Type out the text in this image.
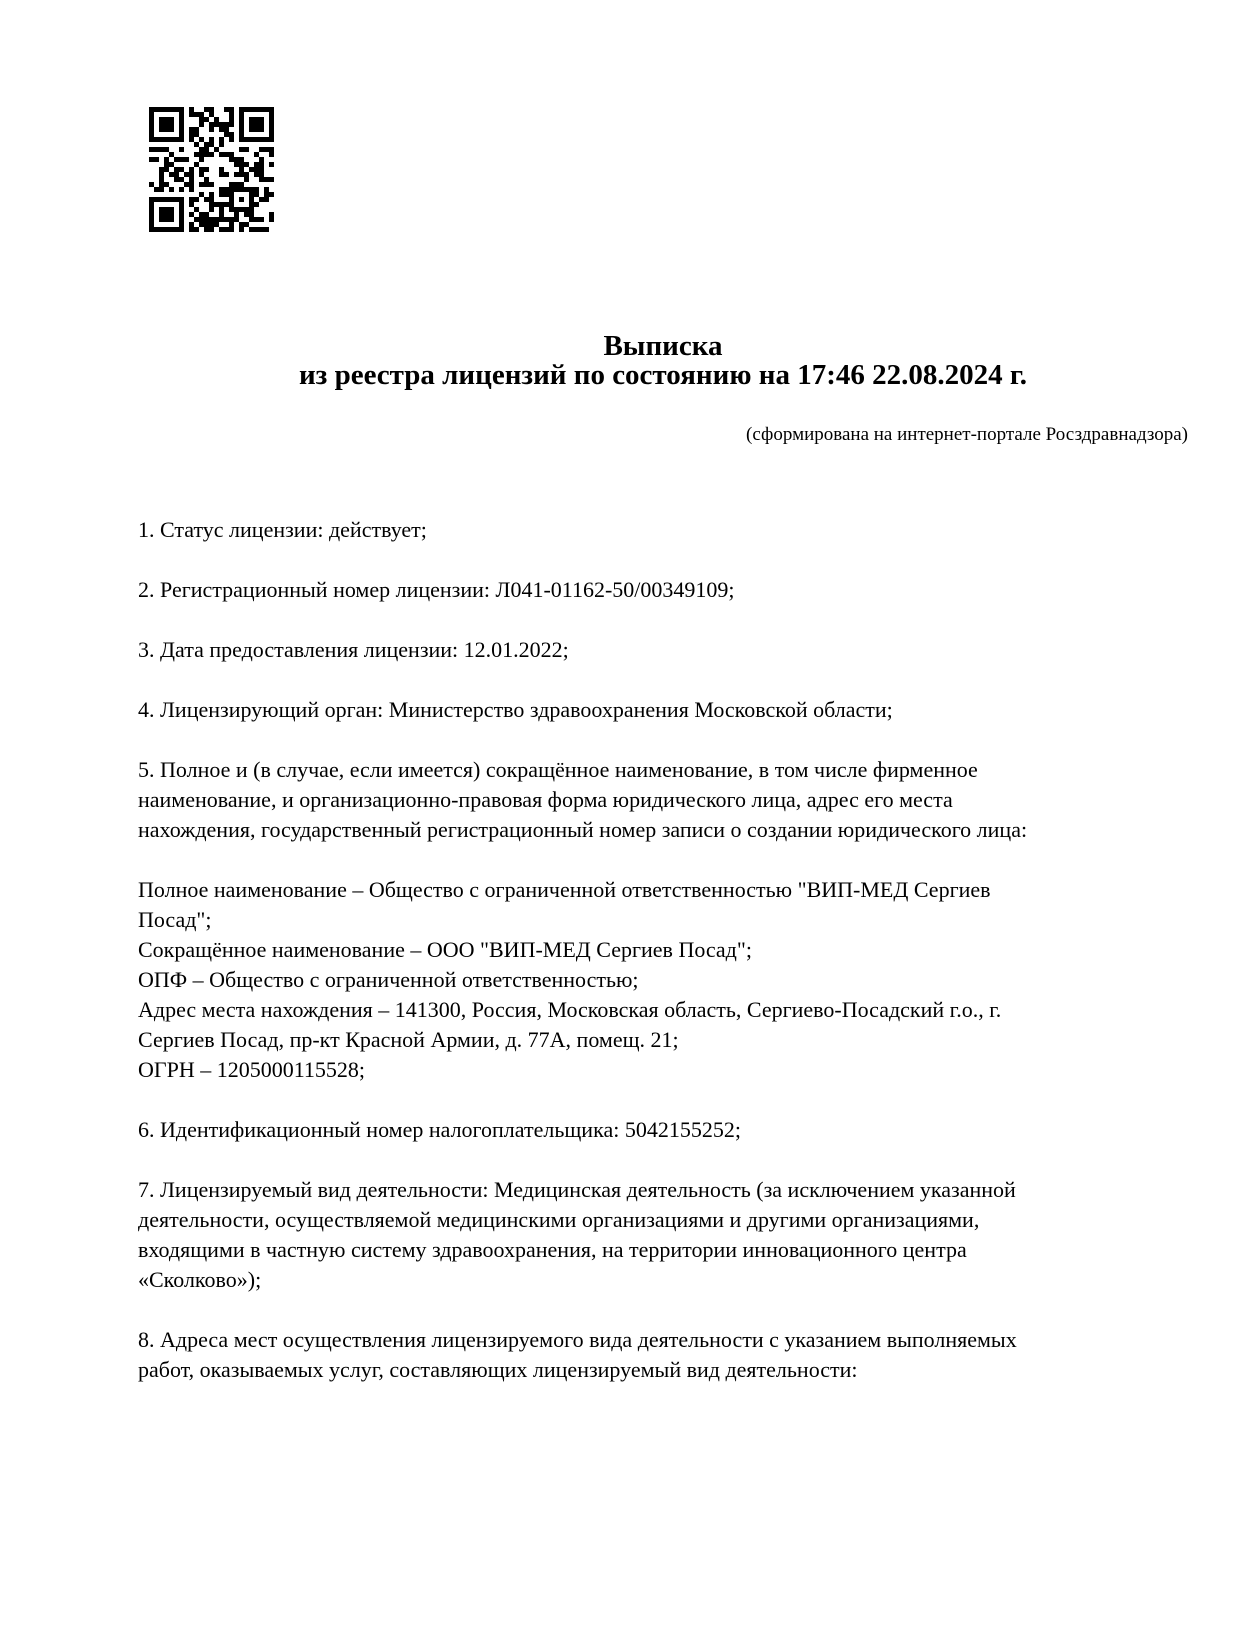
Выписка
из реестра лицензий по состоянию на 17:46 22.08.2024 г.
(сформирована на интернет-портале Росздравнадзора)
1. Статус лицензии: действует;
2. Регистрационный номер лицензии: Л041-01162-50/00349109;
3. Дата предоставления лицензии: 12.01.2022;
4. Лицензирующий орган: Министерство здравоохранения Московской области;
5. Полное и (в случае, если имеется) сокращённое наименование, в том числе фирменное
наименование, и организационно-правовая форма юридического лица, адрес его места
нахождения, государственный регистрационный номер записи о создании юридического лица:
Полное наименование – Общество с ограниченной ответственностью "ВИП-МЕД Сергиев
Посад";
Сокращённое наименование – ООО "ВИП-МЕД Сергиев Посад";
ОПФ – Общество с ограниченной ответственностью;
Адрес места нахождения – 141300, Россия, Московская область, Сергиево-Посадский г.о., г.
Сергиев Посад, пр-кт Красной Армии, д. 77А, помещ. 21;
ОГРН – 1205000115528;
6. Идентификационный номер налогоплательщика: 5042155252;
7. Лицензируемый вид деятельности: Медицинская деятельность (за исключением указанной
деятельности, осуществляемой медицинскими организациями и другими организациями,
входящими в частную систему здравоохранения, на территории инновационного центра
«Сколково»);
8. Адреса мест осуществления лицензируемого вида деятельности с указанием выполняемых
работ, оказываемых услуг, составляющих лицензируемый вид деятельности:
